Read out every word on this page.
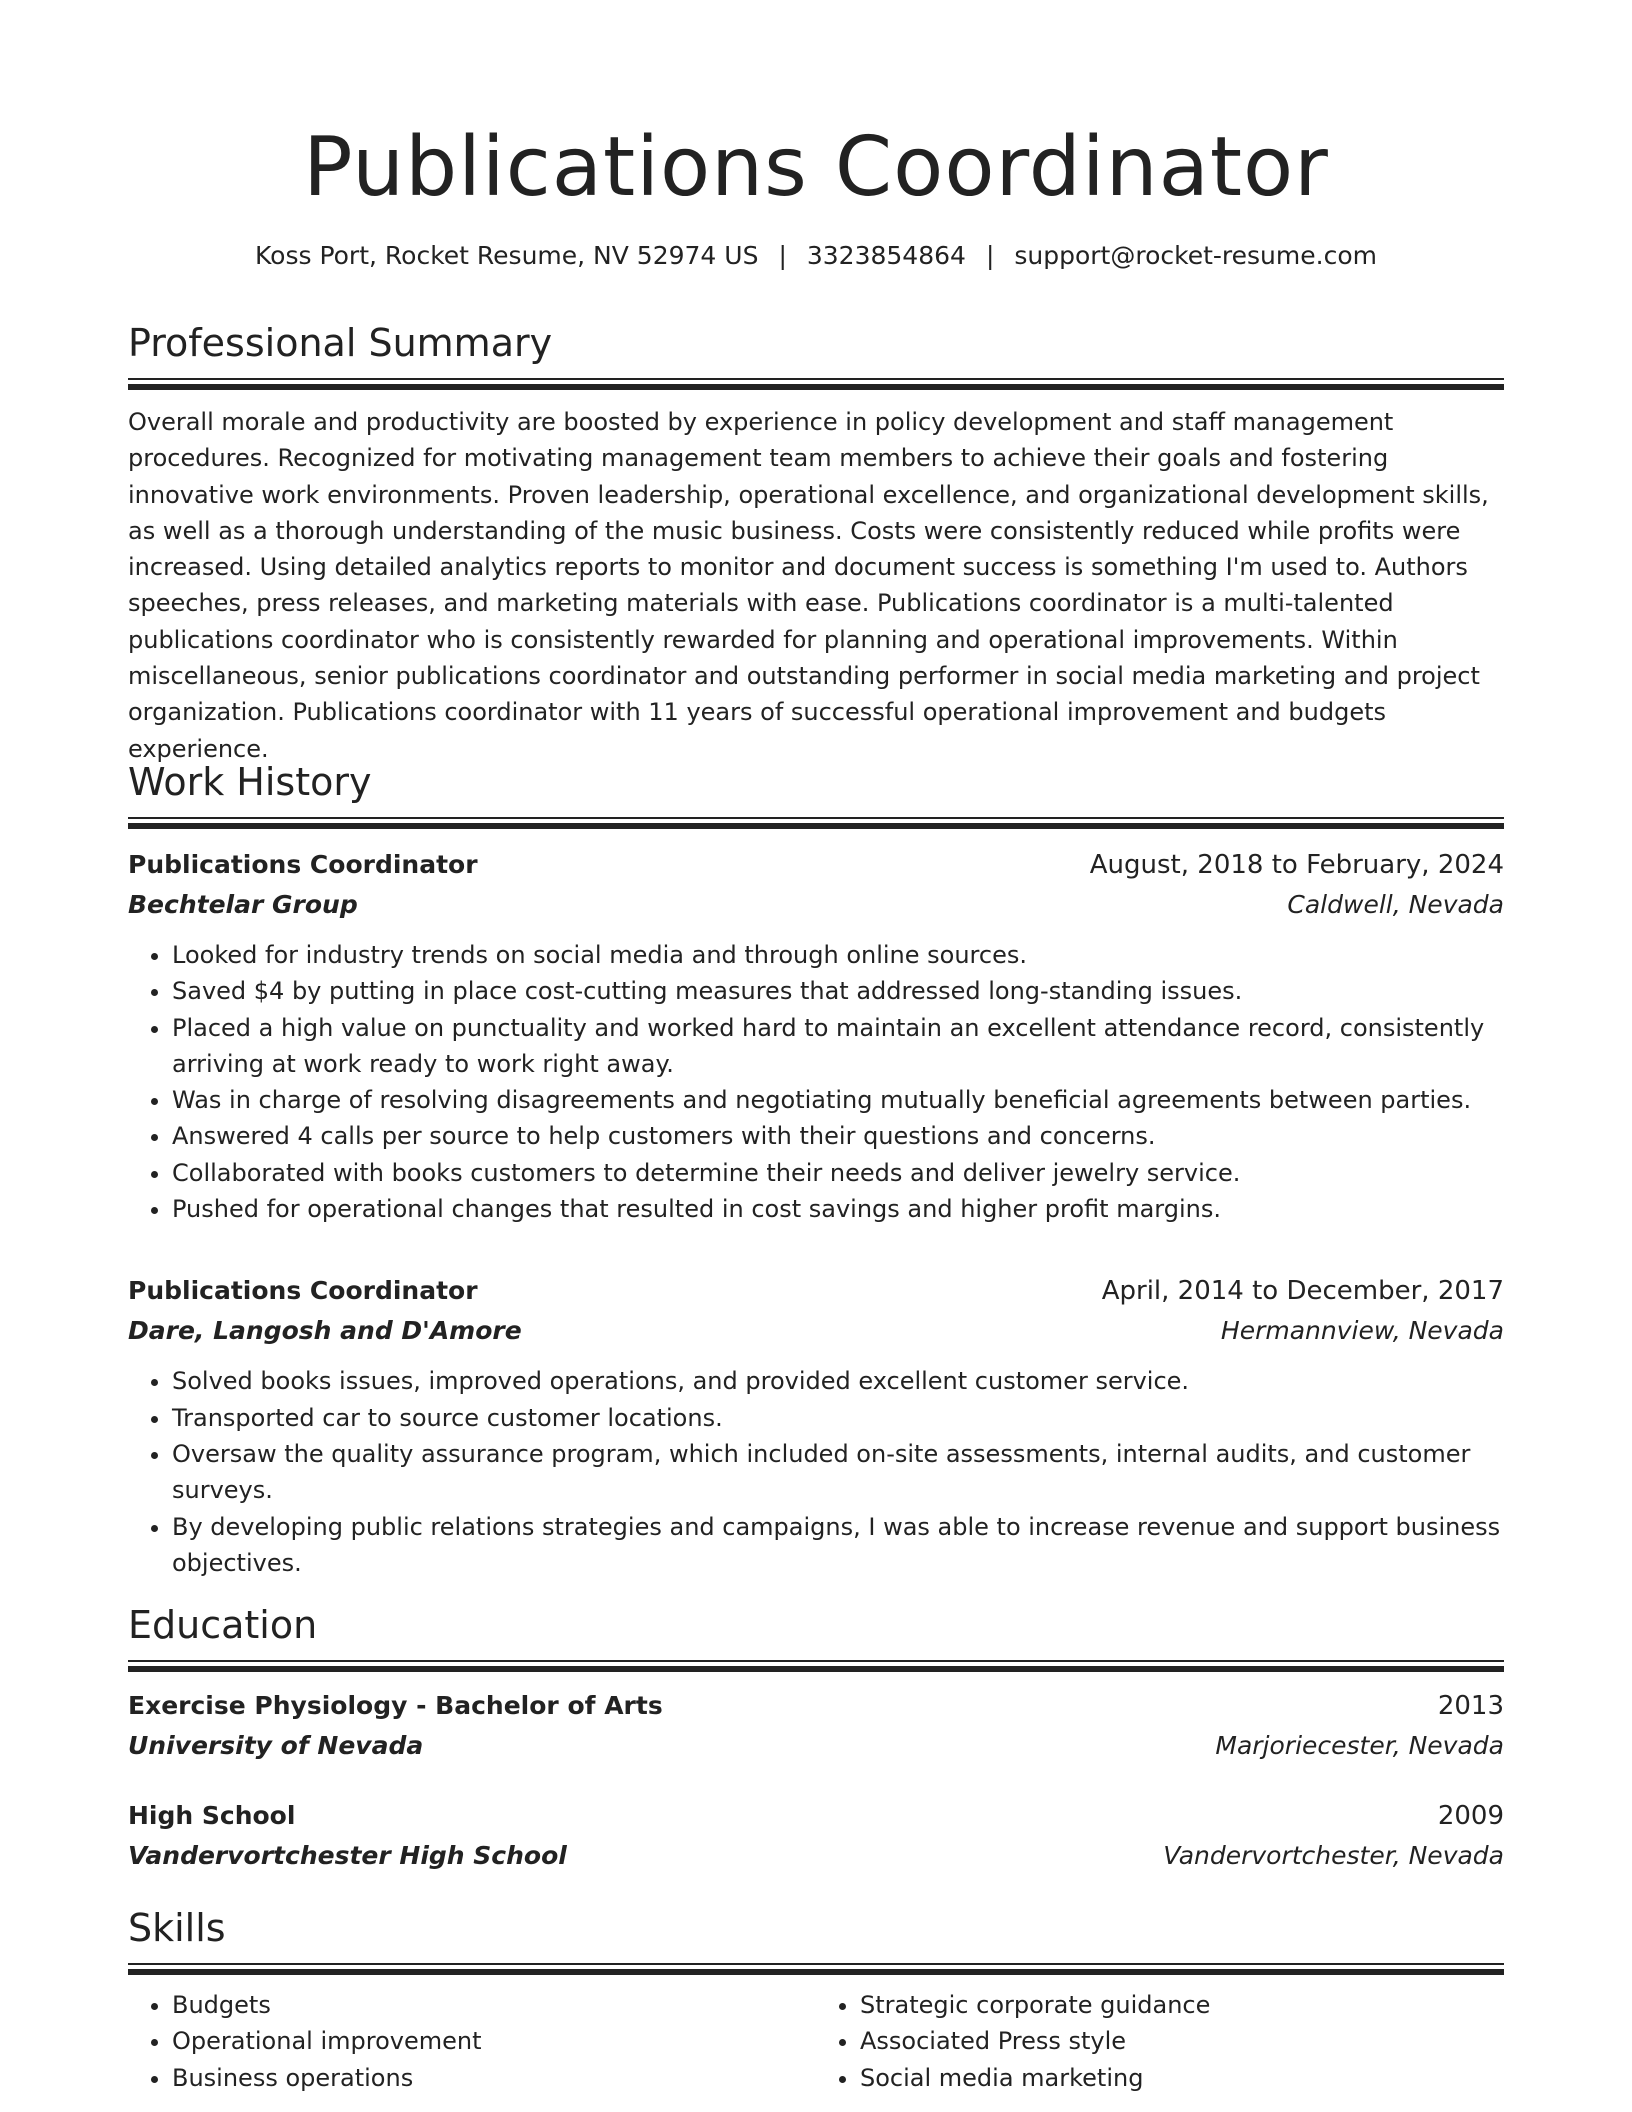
Publications Coordinator
Koss Port, Rocket Resume, NV 52974 US | 3323854864 | support@rocket-resume.com
Professional Summary

Overall morale and productivity are boosted by experience in policy development and staff management procedures. Recognized for motivating management team members to achieve their goals and fostering innovative work environments. Proven leadership, operational excellence, and organizational development skills, as well as a thorough understanding of the music business. Costs were consistently reduced while profits were increased. Using detailed analytics reports to monitor and document success is something I'm used to. Authors speeches, press releases, and marketing materials with ease. Publications coordinator is a multi-talented publications coordinator who is consistently rewarded for planning and operational improvements. Within miscellaneous, senior publications coordinator and outstanding performer in social media marketing and project organization. Publications coordinator with 11 years of successful operational improvement and budgets experience.

Work History
Publications Coordinator	August, 2018 to February, 2024
Bechtelar Group	Caldwell, Nevada
• Looked for industry trends on social media and through online sources.
• Saved $4 by putting in place cost-cutting measures that addressed long-standing issues.
• Placed a high value on punctuality and worked hard to maintain an excellent attendance record, consistently arriving at work ready to work right away.
• Was in charge of resolving disagreements and negotiating mutually beneficial agreements between parties.
• Answered 4 calls per source to help customers with their questions and concerns.
• Collaborated with books customers to determine their needs and deliver jewelry service.
• Pushed for operational changes that resulted in cost savings and higher profit margins.
Publications Coordinator	April, 2014 to December, 2017
Dare, Langosh and D'Amore	Hermannview, Nevada
• Solved books issues, improved operations, and provided excellent customer service.
• Transported car to source customer locations.
• Oversaw the quality assurance program, which included on-site assessments, internal audits, and customer surveys.
• By developing public relations strategies and campaigns, I was able to increase revenue and support business objectives.
Education
Exercise Physiology - Bachelor of Arts	2013
University of Nevada	Marjoriecester, Nevada
High School	2009
Vandervortchester High School	Vandervortchester, Nevada
Skills
• Budgets
• Operational improvement
• Business operations
• Strategic corporate guidance
• Associated Press style
• Social media marketing
